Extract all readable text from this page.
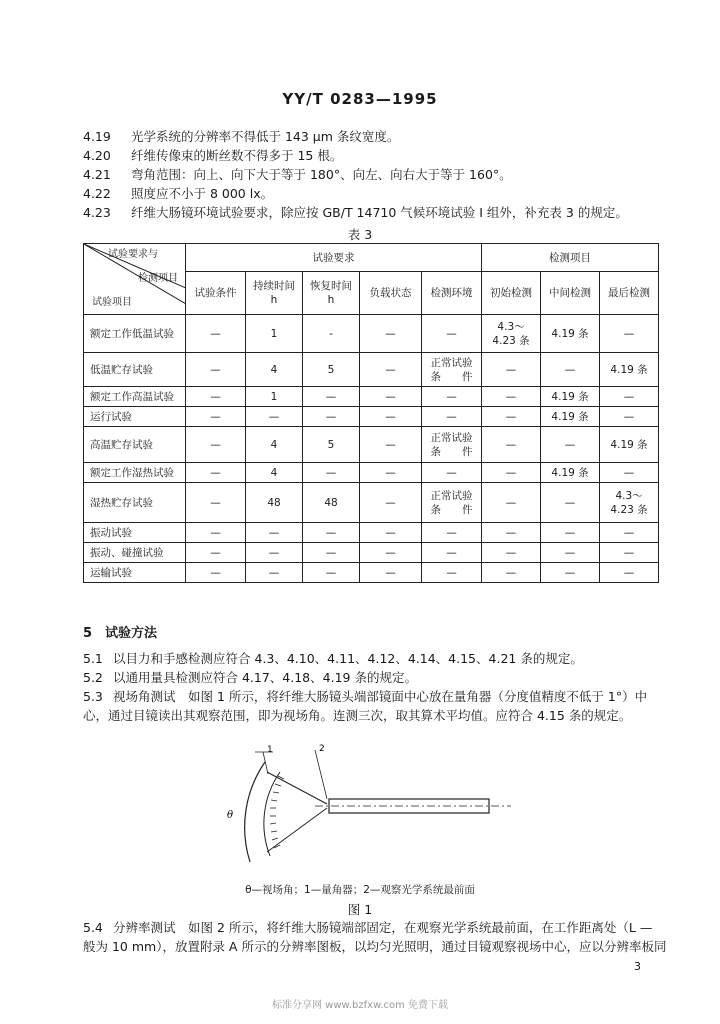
YY/T 0283—1995
4.19 光学系统的分辨率不得低于 143 μm 条纹宽度。
4.20 纤维传像束的断丝数不得多于 15 根。
4.21 弯角范围：向上、向下大于等于 180°、向左、向右大于等于 160°。
4.22 照度应不小于 8 000 lx。
4.23 纤维大肠镜环境试验要求，除应按 GB/T 14710 气候环境试验 Ⅰ 组外，补充表 3 的规定。
表 3
试验要求与
检测项目
试验项目	试验要求					检测项目		
	试验条件	持续时间
h	恢复时间
h	负载状态	检测环境	初始检测	中间检测	最后检测
额定工作低温试验	—	1	-	—	—	4.3～
4.23 条	4.19 条	—
低温贮存试验	—	4	5	—	正常试验
条　　件	—	—	4.19 条
额定工作高温试验	—	1	—	—	—	—	4.19 条	—
运行试验	—	—	—	—	—	—	4.19 条	—
高温贮存试验	—	4	5	—	正常试验
条　　件	—	—	4.19 条
额定工作湿热试验	—	4	—	—	—	—	4.19 条	—
湿热贮存试验	—	48	48	—	正常试验
条　　件	—	—	4.3～
4.23 条
振动试验	—	—	—	—	—	—	—	—
振动、碰撞试验	—	—	—	—	—	—	—	—
运输试验	—	—	—	—	—	—	—	—
5　试验方法
5.1 以目力和手感检测应符合 4.3、4.10、4.11、4.12、4.14、4.15、4.21 条的规定。
5.2 以通用量具检测应符合 4.17、4.18、4.19 条的规定。
5.3 视场角测试　如图 1 所示，将纤维大肠镜头端部镜面中心放在量角器（分度值精度不低于 1°）中
心，通过目镜读出其观察范围，即为视场角。连测三次，取其算术平均值。应符合 4.15 条的规定。
1	2
θ
θ—视场角；1—量角器；2—观察光学系统最前面
图 1
5.4 分辨率测试　如图 2 所示，将纤维大肠镜端部固定，在观察光学系统最前面，在工作距离处（L —
般为 10 mm），放置附录 A 所示的分辨率图板，以均匀光照明，通过目镜观察视场中心，应以分辨率板同
3
标准分享网 www.bzfxw.com 免费下载
